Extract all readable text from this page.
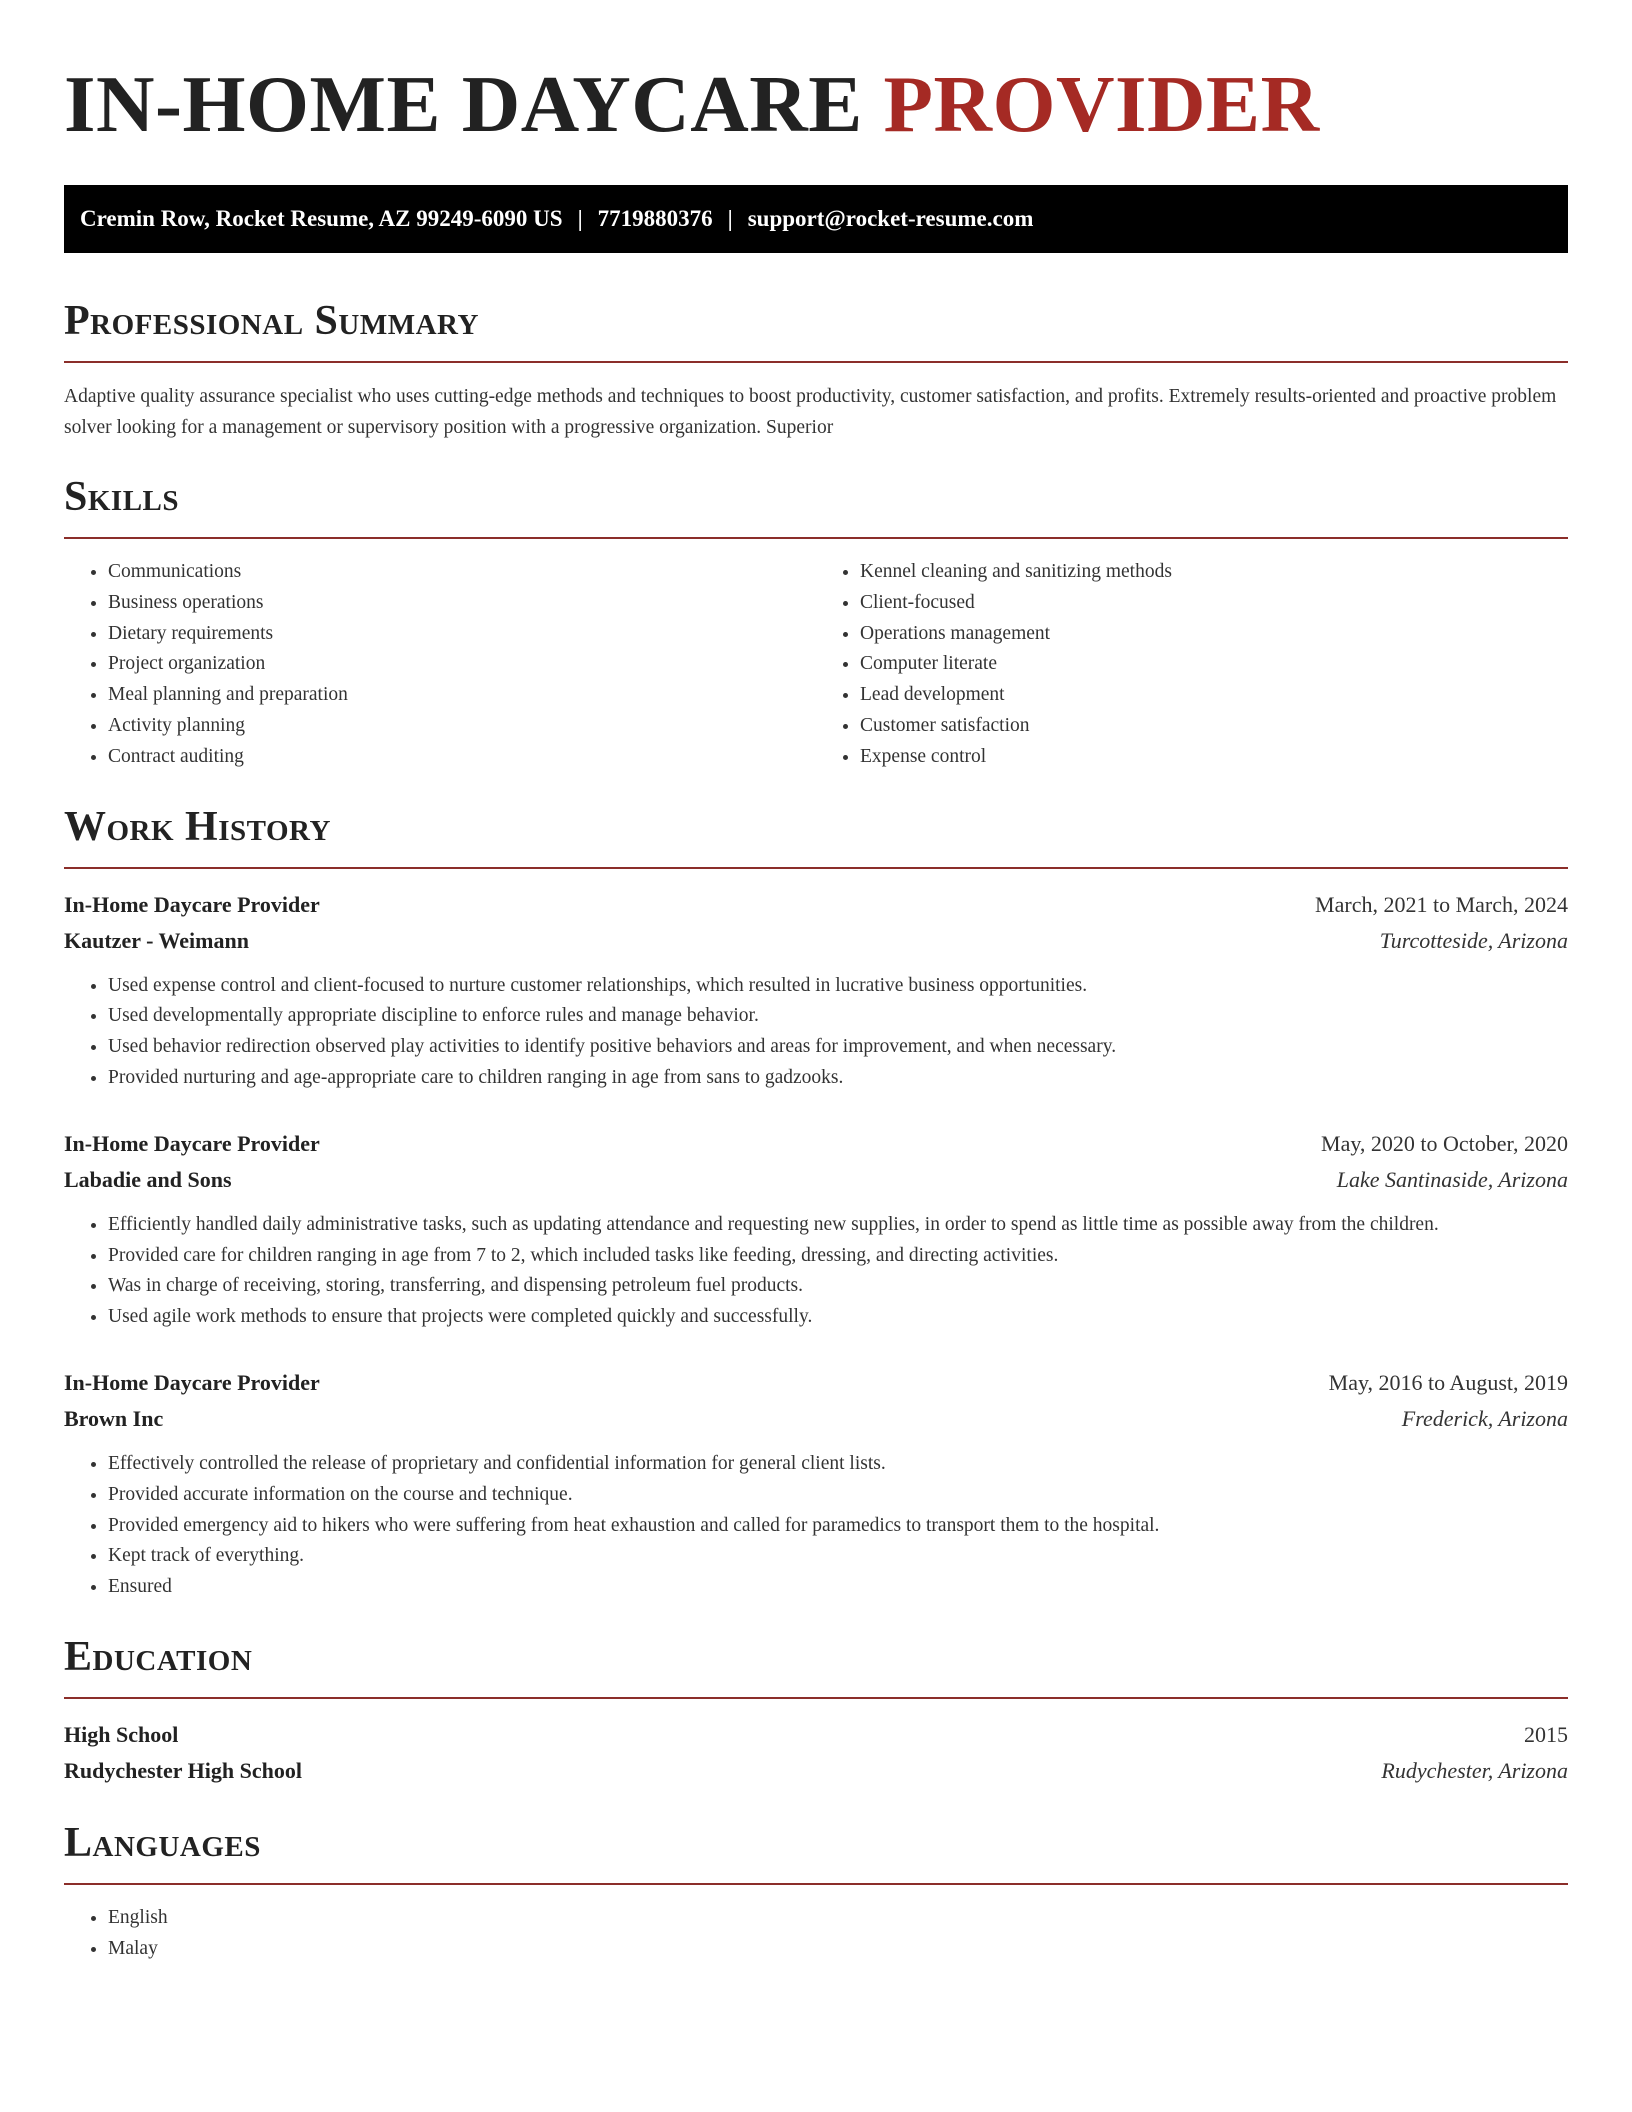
IN-HOME DAYCARE PROVIDER
Cremin Row, Rocket Resume, AZ 99249-6090 US | 7719880376 | support@rocket-resume.com
Professional Summary

Adaptive quality assurance specialist who uses cutting-edge methods and techniques to boost productivity, customer satisfaction, and profits. Extremely results-oriented and proactive problem solver looking for a management or supervisory position with a progressive organization. Superior

Skills
• Communications
• Business operations
• Dietary requirements
• Project organization
• Meal planning and preparation
• Activity planning
• Contract auditing
• Kennel cleaning and sanitizing methods
• Client-focused
• Operations management
• Computer literate
• Lead development
• Customer satisfaction
• Expense control
Work History
In-Home Daycare Provider	March, 2021 to March, 2024
Kautzer - Weimann	Turcotteside, Arizona
• Used expense control and client-focused to nurture customer relationships, which resulted in lucrative business opportunities.
• Used developmentally appropriate discipline to enforce rules and manage behavior.
• Used behavior redirection observed play activities to identify positive behaviors and areas for improvement, and when necessary.
• Provided nurturing and age-appropriate care to children ranging in age from sans to gadzooks.
In-Home Daycare Provider	May, 2020 to October, 2020
Labadie and Sons	Lake Santinaside, Arizona
• Efficiently handled daily administrative tasks, such as updating attendance and requesting new supplies, in order to spend as little time as possible away from the children.
• Provided care for children ranging in age from 7 to 2, which included tasks like feeding, dressing, and directing activities.
• Was in charge of receiving, storing, transferring, and dispensing petroleum fuel products.
• Used agile work methods to ensure that projects were completed quickly and successfully.
In-Home Daycare Provider	May, 2016 to August, 2019
Brown Inc	Frederick, Arizona
• Effectively controlled the release of proprietary and confidential information for general client lists.
• Provided accurate information on the course and technique.
• Provided emergency aid to hikers who were suffering from heat exhaustion and called for paramedics to transport them to the hospital.
• Kept track of everything.
• Ensured
Education
High School	2015
Rudychester High School	Rudychester, Arizona
Languages
• English
• Malay
